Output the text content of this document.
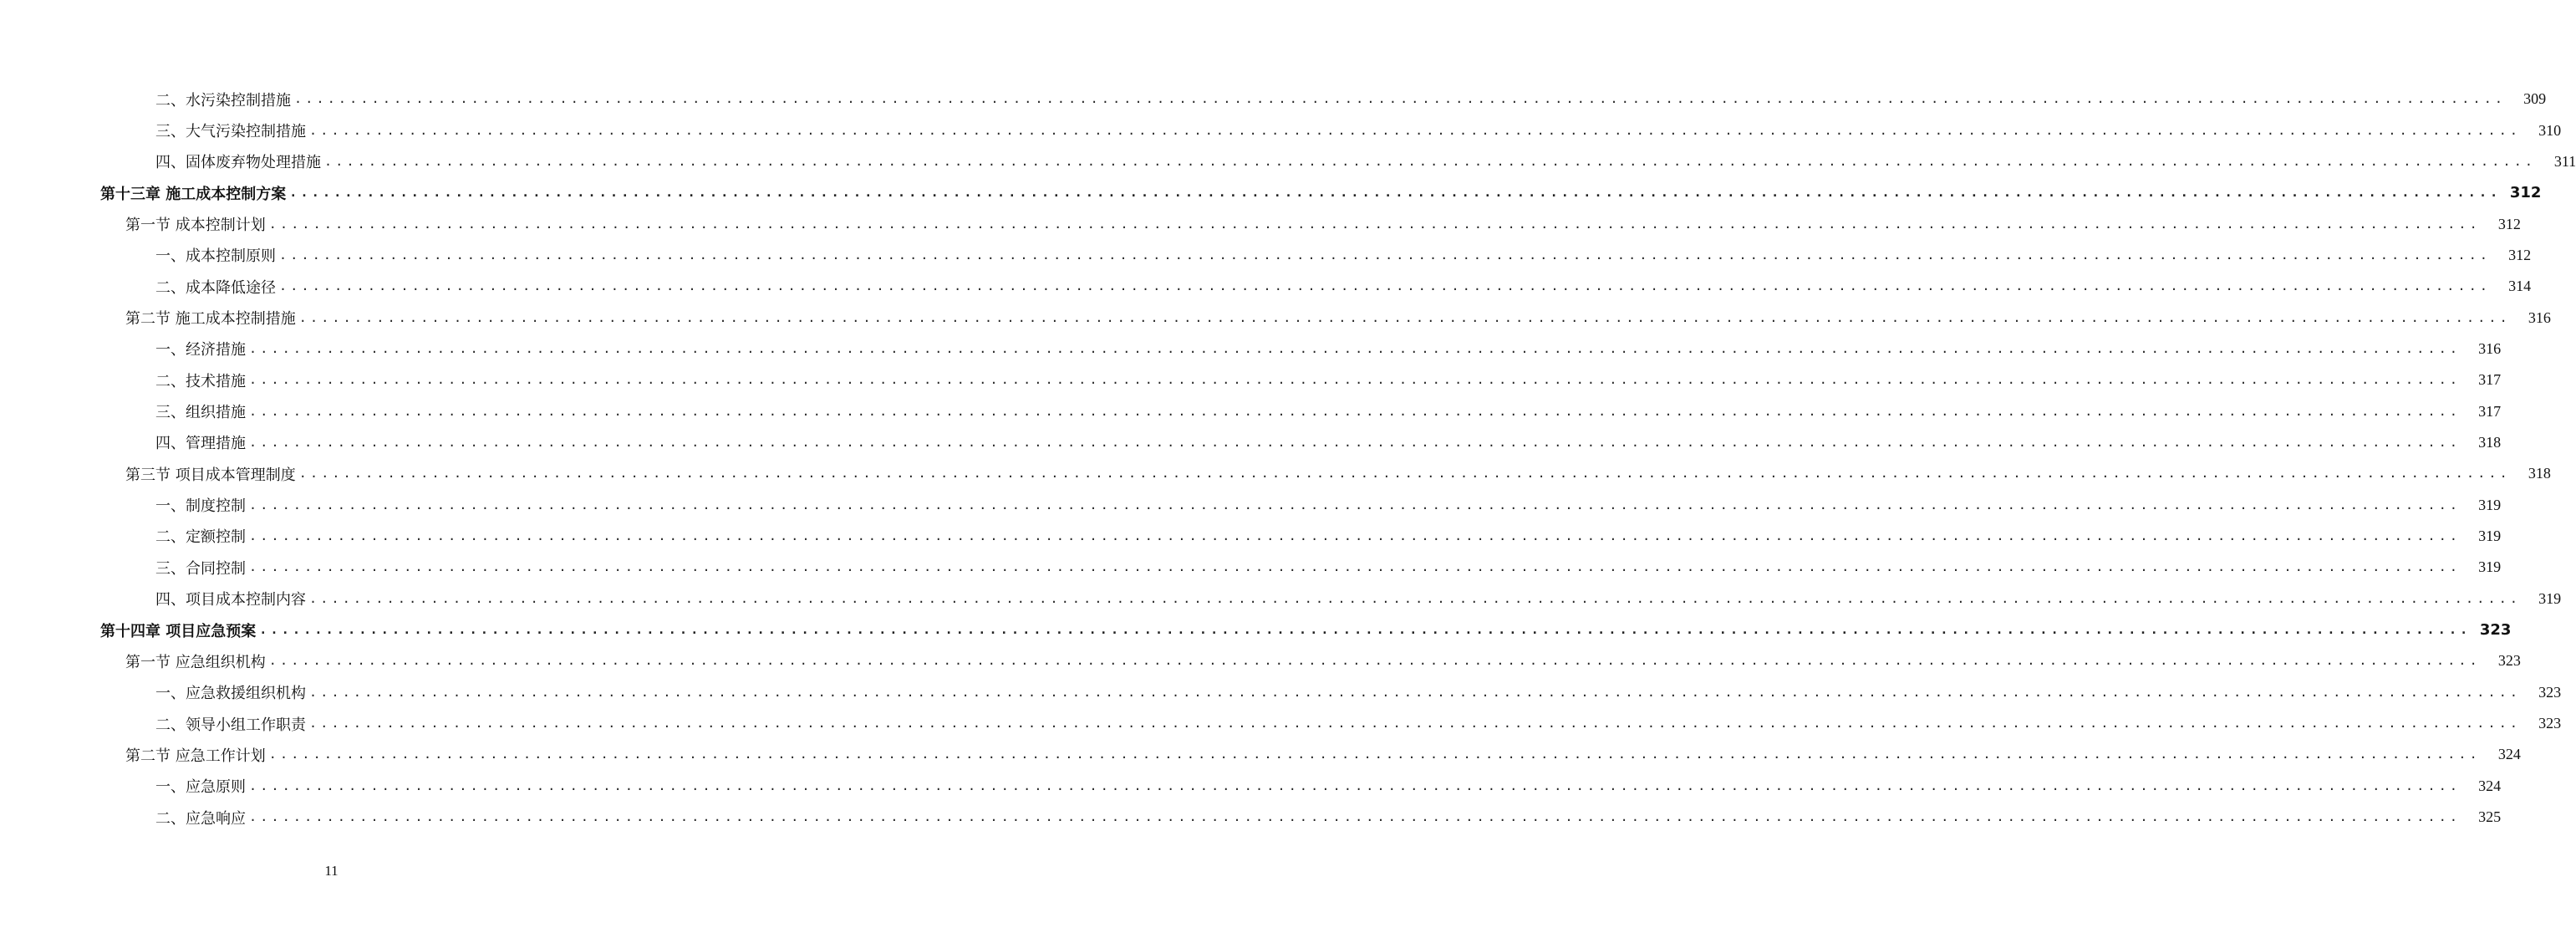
二、水污染控制措施 ........................................................................................................................................................................................................	309
三、大气污染控制措施 ........................................................................................................................................................................................................	310
四、固体废弃物处理措施 ........................................................................................................................................................................................................	311
第十三章 施工成本控制方案 ........................................................................................................................................................................................................ 312
第一节 成本控制计划 ........................................................................................................................................................................................................	312
一、成本控制原则 ........................................................................................................................................................................................................	312
二、成本降低途径 ........................................................................................................................................................................................................	314
第二节 施工成本控制措施 ........................................................................................................................................................................................................	316
一、经济措施 ........................................................................................................................................................................................................	316
二、技术措施 ........................................................................................................................................................................................................	317
三、组织措施 ........................................................................................................................................................................................................	317
四、管理措施 ........................................................................................................................................................................................................	318
第三节 项目成本管理制度 ........................................................................................................................................................................................................	318
一、制度控制 ........................................................................................................................................................................................................	319
二、定额控制 ........................................................................................................................................................................................................	319
三、合同控制 ........................................................................................................................................................................................................	319
四、项目成本控制内容 ........................................................................................................................................................................................................	319
第十四章 项目应急预案 ........................................................................................................................................................................................................ 323
第一节 应急组织机构 ........................................................................................................................................................................................................	323
一、应急救援组织机构 ........................................................................................................................................................................................................	323
二、领导小组工作职责 ........................................................................................................................................................................................................	323
第二节 应急工作计划 ........................................................................................................................................................................................................	324
一、应急原则 ........................................................................................................................................................................................................	324
二、应急响应 ........................................................................................................................................................................................................	325
11
